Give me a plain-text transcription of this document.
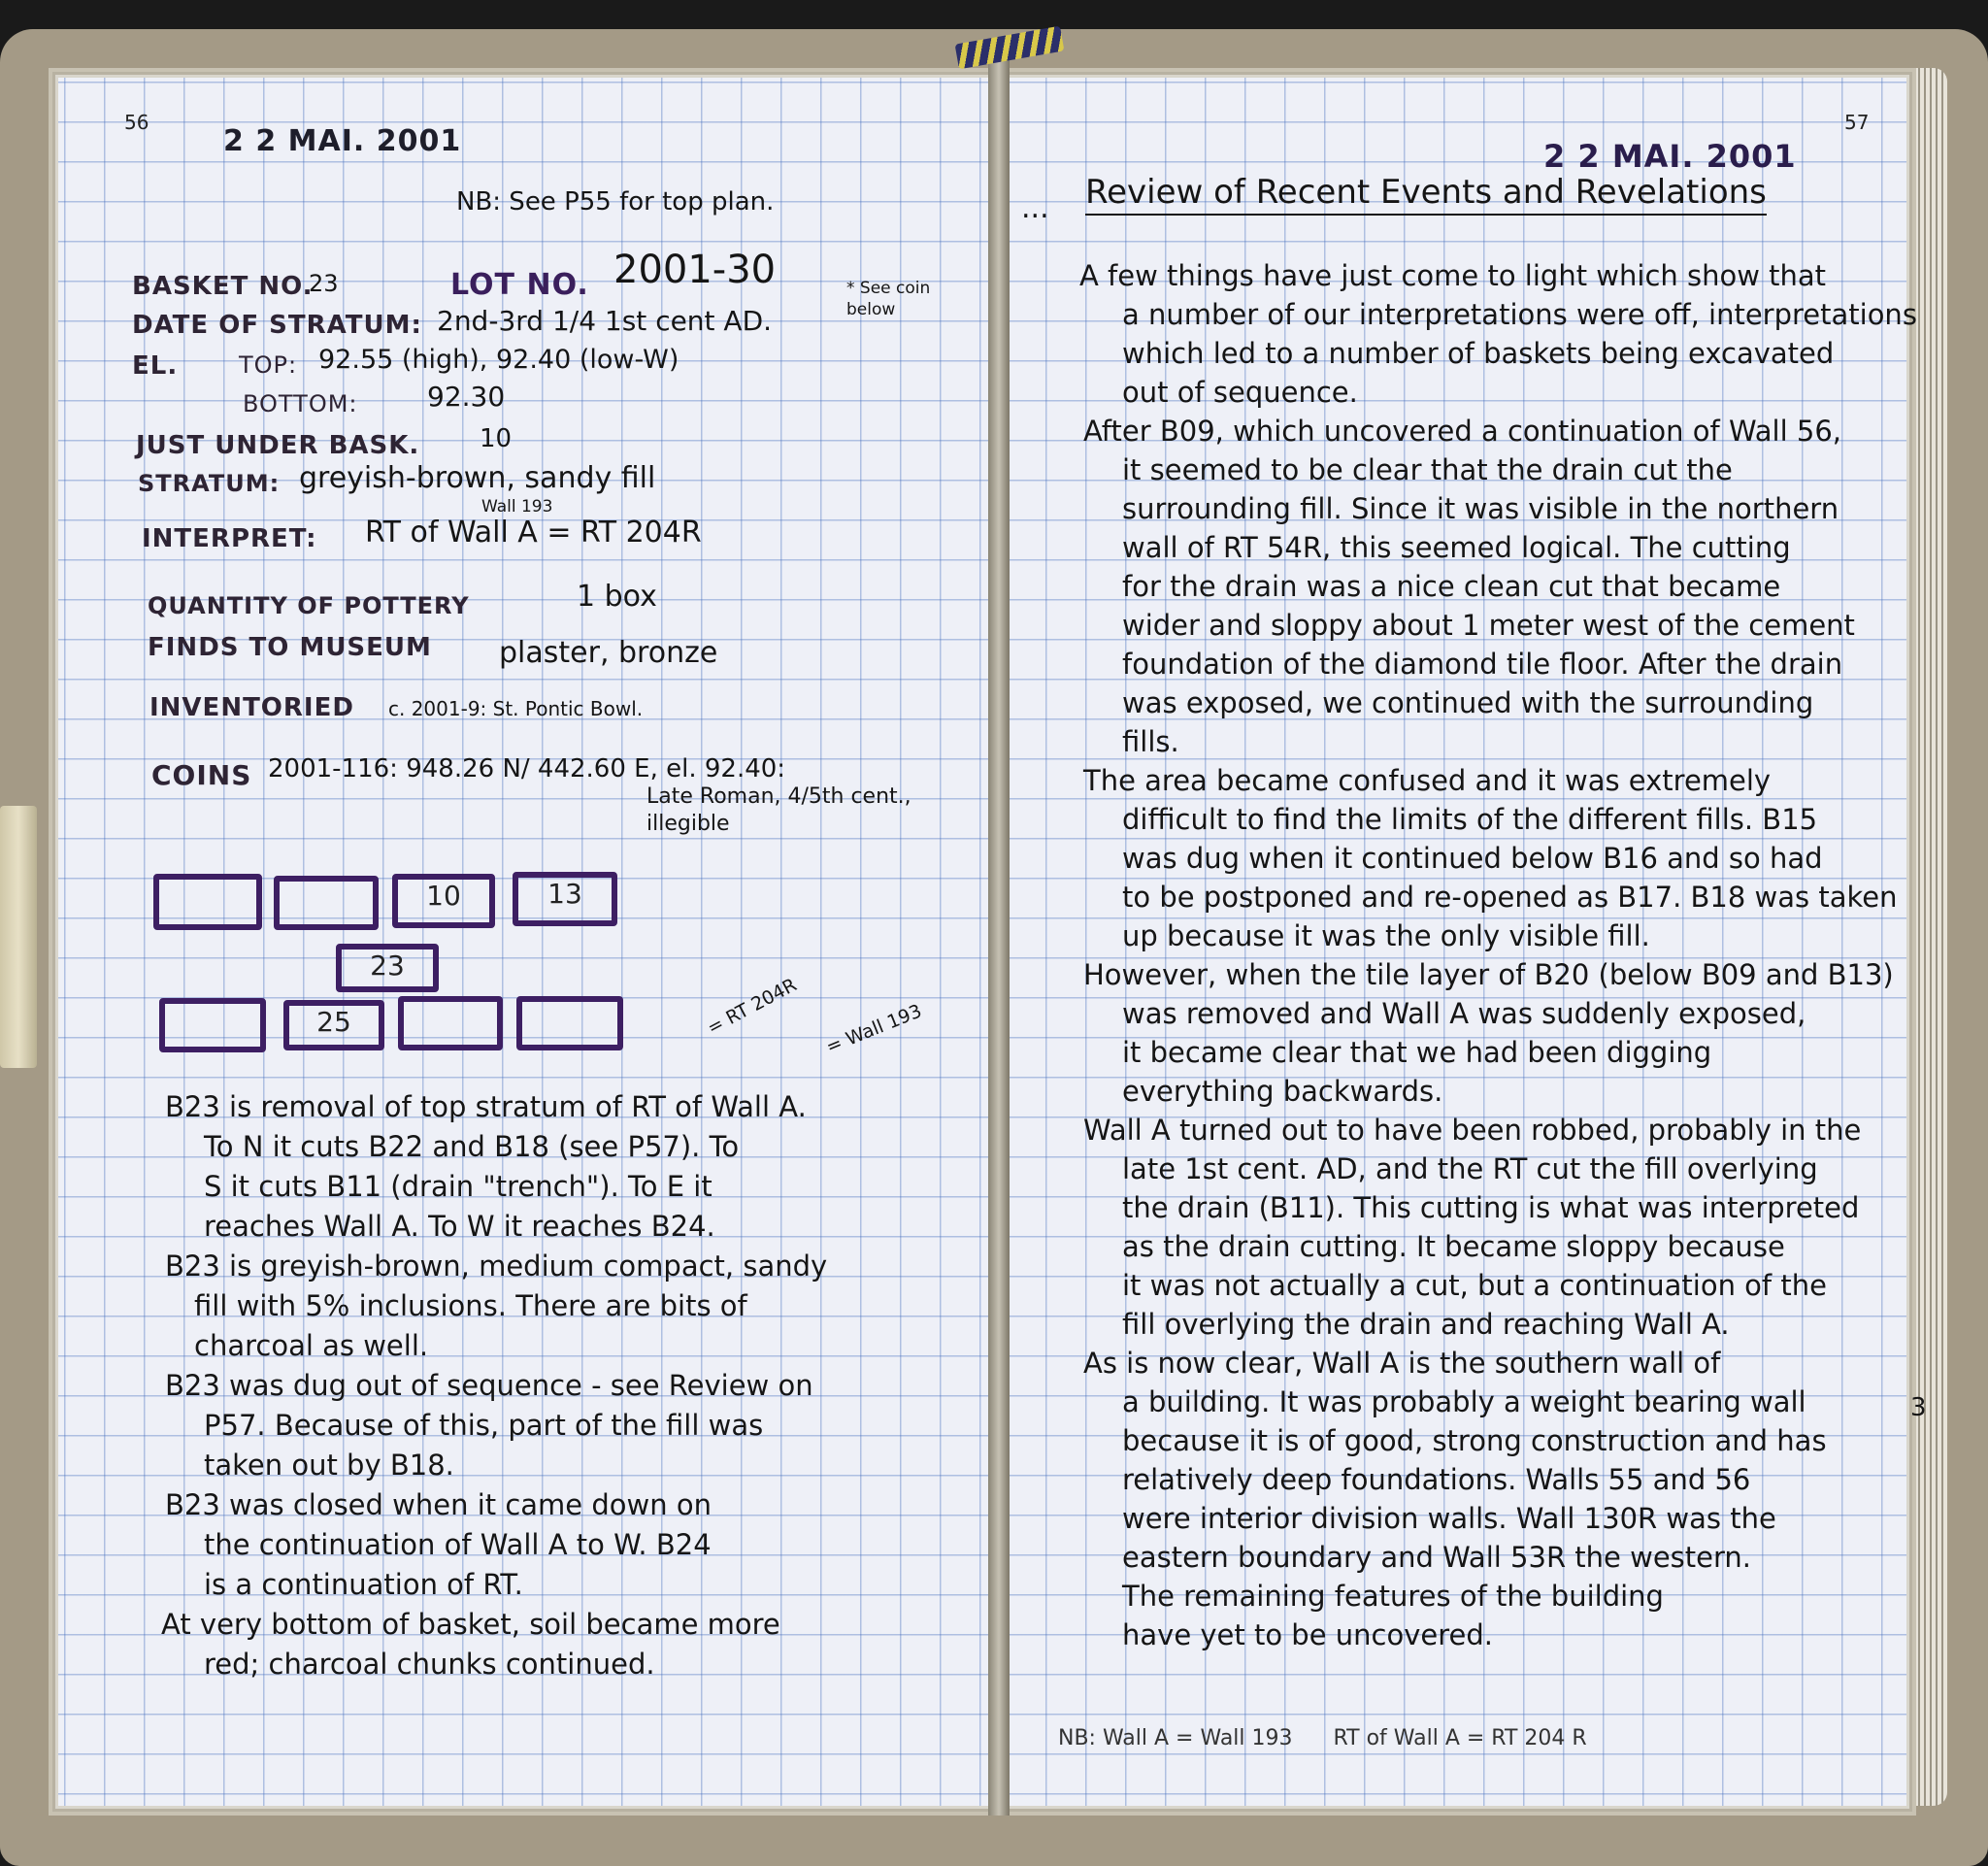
56
2 2 MAI. 2001
NB: See P55 for top plan.
BASKET NO.
23	LOT NO. 2001-30	* See coin below
DATE OF STRATUM: 2nd-3rd 1/4 1st cent AD.
EL.	TOP: 92.55 (high), 92.40 (low-W)
BOTTOM:	92.30
JUST UNDER BASK. 10
STRATUM: greyish-brown, sandy fill
Wall 193
INTERPRET: RT of Wall A = RT 204R
QUANTITY OF POTTERY	1 box
FINDS TO MUSEUM plaster, bronze
INVENTORIED c. 2001-9: St. Pontic Bowl.
COINS 2001-116: 948.26 N/ 442.60 E, el. 92.40:
Late Roman, 4/5th cent.,
illegible
10	13
23
25	= RT 204R = Wall 193
B23 is removal of top stratum of RT of Wall A.
To N it cuts B22 and B18 (see P57). To
S it cuts B11 (drain "trench"). To E it
reaches Wall A. To W it reaches B24.
B23 is greyish-brown, medium compact, sandy
fill with 5% inclusions. There are bits of
charcoal as well.
B23 was dug out of sequence - see Review on
P57. Because of this, part of the fill was
taken out by B18.
B23 was closed when it came down on
the continuation of Wall A to W. B24
is a continuation of RT.
At very bottom of basket, soil became more
red; charcoal chunks continued.
57
2 2 MAI. 2001
... Review of Recent Events and Revelations
A few things have just come to light which show that
a number of our interpretations were off, interpretations
which led to a number of baskets being excavated
out of sequence.
After B09, which uncovered a continuation of Wall 56,
it seemed to be clear that the drain cut the
surrounding fill. Since it was visible in the northern
wall of RT 54R, this seemed logical. The cutting
for the drain was a nice clean cut that became
wider and sloppy about 1 meter west of the cement
foundation of the diamond tile floor. After the drain
was exposed, we continued with the surrounding
fills.
The area became confused and it was extremely
difficult to find the limits of the different fills. B15
was dug when it continued below B16 and so had
to be postponed and re-opened as B17. B18 was taken
up because it was the only visible fill.
However, when the tile layer of B20 (below B09 and B13)
was removed and Wall A was suddenly exposed,
it became clear that we had been digging
everything backwards.
Wall A turned out to have been robbed, probably in the
late 1st cent. AD, and the RT cut the fill overlying
the drain (B11). This cutting is what was interpreted
as the drain cutting. It became sloppy because
it was not actually a cut, but a continuation of the
fill overlying the drain and reaching Wall A.
As is now clear, Wall A is the southern wall of
a building. It was probably a weight bearing wall
because it is of good, strong construction and has
relatively deep foundations. Walls 55 and 56
were interior division walls. Wall 130R was the
eastern boundary and Wall 53R the western.
The remaining features of the building
have yet to be uncovered.
3
NB: Wall A = Wall 193      RT of Wall A = RT 204 R
